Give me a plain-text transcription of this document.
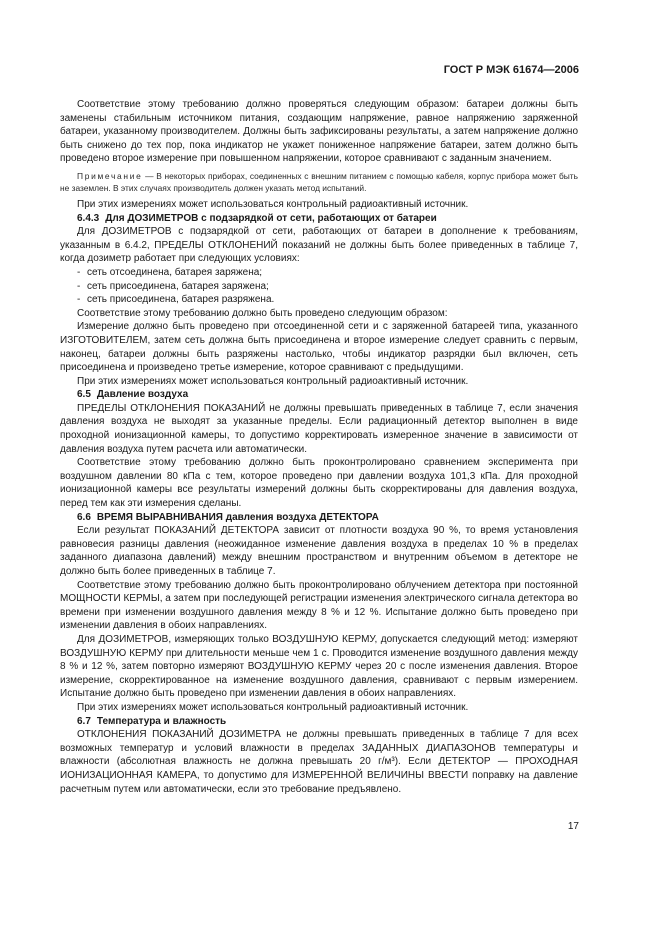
ГОСТ Р МЭК 61674—2006

Соответствие этому требованию должно проверяться следующим образом: батареи должны быть заменены стабильным источником питания, создающим напряжение, равное напряжению заряженной батареи, указанному производителем. Должны быть зафиксированы результаты, а затем напряжение должно быть снижено до тех пор, пока индикатор не укажет пониженное напряжение батареи, затем должно быть проведено второе измерение при повышенном напряжении, которое сравнивают с заданным значением.

Примечание — В некоторых приборах, соединенных с внешним питанием с помощью кабеля, корпус прибора может быть не заземлен. В этих случаях производитель должен указать метод испытаний.

При этих измерениях может использоваться контрольный радиоактивный источник.

6.4.3 Для ДОЗИМЕТРОВ с подзарядкой от сети, работающих от батареи

Для ДОЗИМЕТРОВ с подзарядкой от сети, работающих от батареи в дополнение к требованиям, указанным в 6.4.2, ПРЕДЕЛЫ ОТКЛОНЕНИЙ показаний не должны быть более приведенных в таблице 7, когда дозиметр работает при следующих условиях:

- сеть отсоединена, батарея заряжена;

- сеть присоединена, батарея заряжена;

- сеть присоединена, батарея разряжена.

Соответствие этому требованию должно быть проведено следующим образом:

Измерение должно быть проведено при отсоединенной сети и с заряженной батареей типа, указанного ИЗГОТОВИТЕЛЕМ, затем сеть должна быть присоединена и второе измерение следует сравнить с первым, наконец, батареи должны быть разряжены настолько, чтобы индикатор разрядки был включен, сеть присоединена и произведено третье измерение, которое сравнивают с предыдущими.

При этих измерениях может использоваться контрольный радиоактивный источник.

6.5 Давление воздуха

ПРЕДЕЛЫ ОТКЛОНЕНИЯ ПОКАЗАНИЙ не должны превышать приведенных в таблице 7, если значения давления воздуха не выходят за указанные пределы. Если радиационный детектор выполнен в виде проходной ионизационной камеры, то допустимо корректировать измеренное значение в зависимости от давления воздуха путем расчета или автоматически.

Соответствие этому требованию должно быть проконтролировано сравнением эксперимента при воздушном давлении 80 кПа с тем, которое проведено при давлении воздуха 101,3 кПа. Для проходной ионизационной камеры все результаты измерений должны быть скорректированы для давления воздуха, перед тем как эти измерения сделаны.

6.6 ВРЕМЯ ВЫРАВНИВАНИЯ давления воздуха ДЕТЕКТОРА

Если результат ПОКАЗАНИЙ ДЕТЕКТОРА зависит от плотности воздуха 90 %, то время установления равновесия разницы давления (неожиданное изменение давления воздуха в пределах 10 % в пределах заданного диапазона давлений) между внешним пространством и внутренним объемом в детекторе не должно быть более приведенных в таблице 7.

Соответствие этому требованию должно быть проконтролировано облучением детектора при постоянной МОЩНОСТИ КЕРМЫ, а затем при последующей регистрации изменения электрического сигнала детектора во времени при изменении воздушного давления между 8 % и 12 %. Испытание должно быть проведено при изменении давления в обоих направлениях.

Для ДОЗИМЕТРОВ, измеряющих только ВОЗДУШНУЮ КЕРМУ, допускается следующий метод: измеряют ВОЗДУШНУЮ КЕРМУ при длительности меньше чем 1 с. Проводится изменение воздушного давления между 8 % и 12 %, затем повторно измеряют ВОЗДУШНУЮ КЕРМУ через 20 с после изменения давления. Второе измерение, скорректированное на изменение воздушного давления, сравнивают с первым измерением. Испытание должно быть проведено при изменении давления в обоих направлениях.

При этих измерениях может использоваться контрольный радиоактивный источник.

6.7 Температура и влажность

ОТКЛОНЕНИЯ ПОКАЗАНИЙ ДОЗИМЕТРА не должны превышать приведенных в таблице 7 для всех возможных температур и условий влажности в пределах ЗАДАННЫХ ДИАПАЗОНОВ температуры и влажности (абсолютная влажность не должна превышать 20 г/м³). Если ДЕТЕКТОР — ПРОХОДНАЯ ИОНИЗАЦИОННАЯ КАМЕРА, то допустимо для ИЗМЕРЕННОЙ ВЕЛИЧИНЫ ВВЕСТИ поправку на давление расчетным путем или автоматически, если это требование предъявлено.

17
